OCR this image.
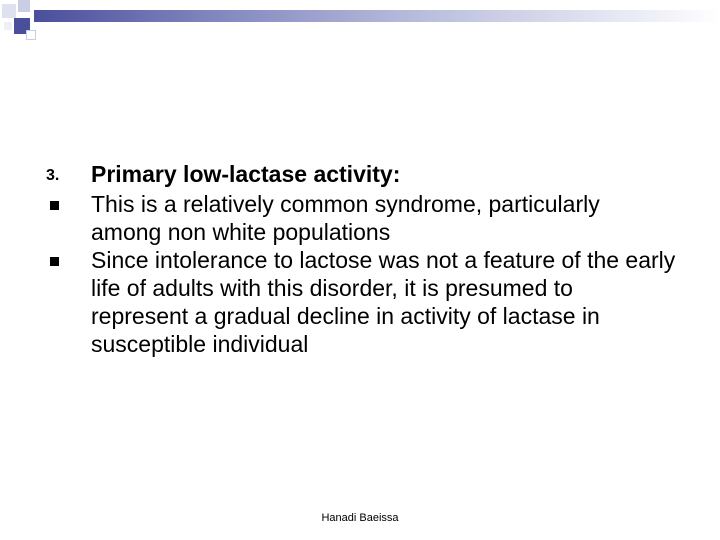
3.	Primary low-lactase activity:
This is a relatively common syndrome, particularly among non white populations
Since intolerance to lactose was not a feature of the early life of adults with this disorder, it is presumed to represent a gradual decline in activity of lactase in susceptible individual
Hanadi Baeissa
